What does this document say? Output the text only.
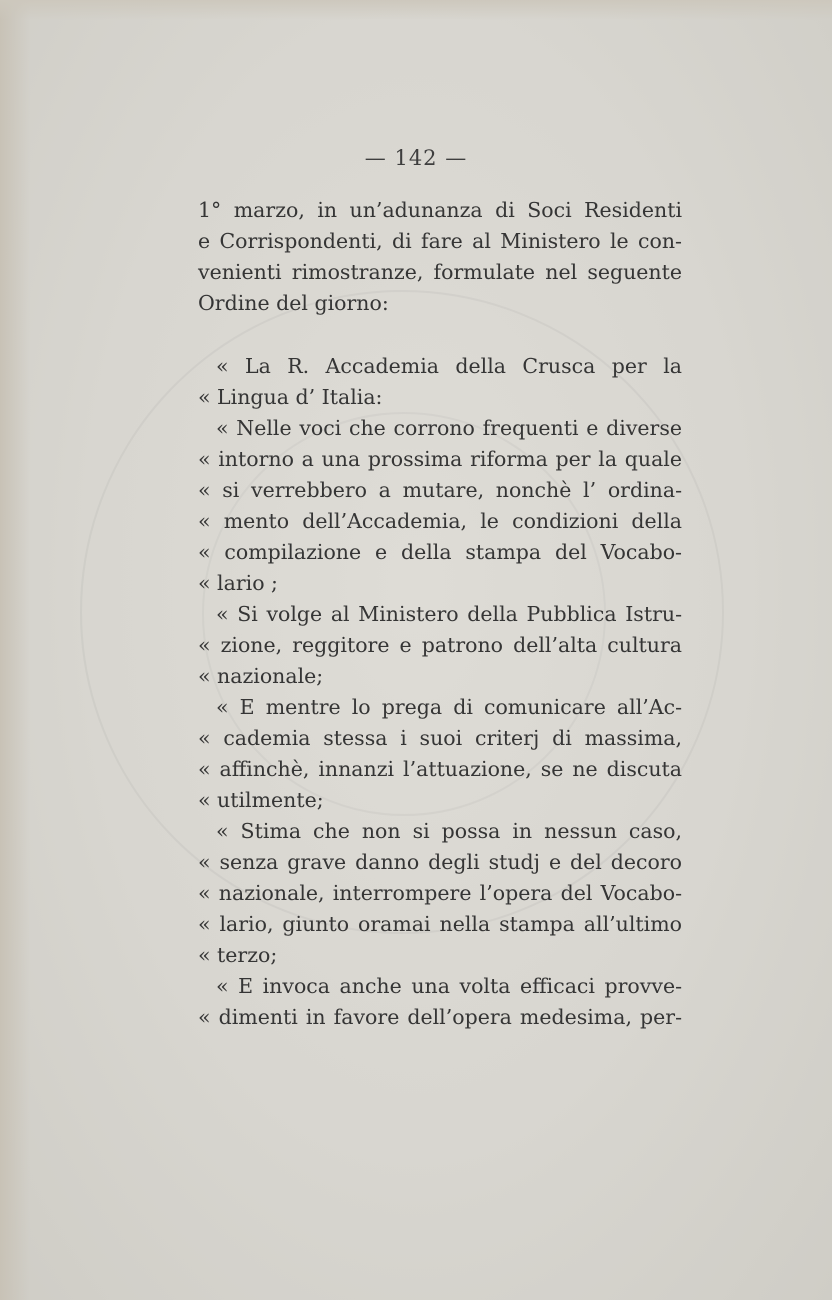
— 142 —
1° marzo, in un’adunanza di Soci Residenti
e Corrispondenti, di fare al Ministero le con-
venienti rimostranze, formulate nel seguente
Ordine del giorno:
« La R. Accademia della Crusca per la
« Lingua d’ Italia:
« Nelle voci che corrono frequenti e diverse
« intorno a una prossima riforma per la quale
« si verrebbero a mutare, nonchè l’ ordina-
« mento dell’Accademia, le condizioni della
« compilazione e della stampa del Vocabo-
« lario ;
« Si volge al Ministero della Pubblica Istru-
« zione, reggitore e patrono dell’alta cultura
« nazionale;
« E mentre lo prega di comunicare all’Ac-
« cademia stessa i suoi criterj di massima,
« affinchè, innanzi l’attuazione, se ne discuta
« utilmente;
« Stima che non si possa in nessun caso,
« senza grave danno degli studj e del decoro
« nazionale, interrompere l’opera del Vocabo-
« lario, giunto oramai nella stampa all’ultimo
« terzo;
« E invoca anche una volta efficaci provve-
« dimenti in favore dell’opera medesima, per-
